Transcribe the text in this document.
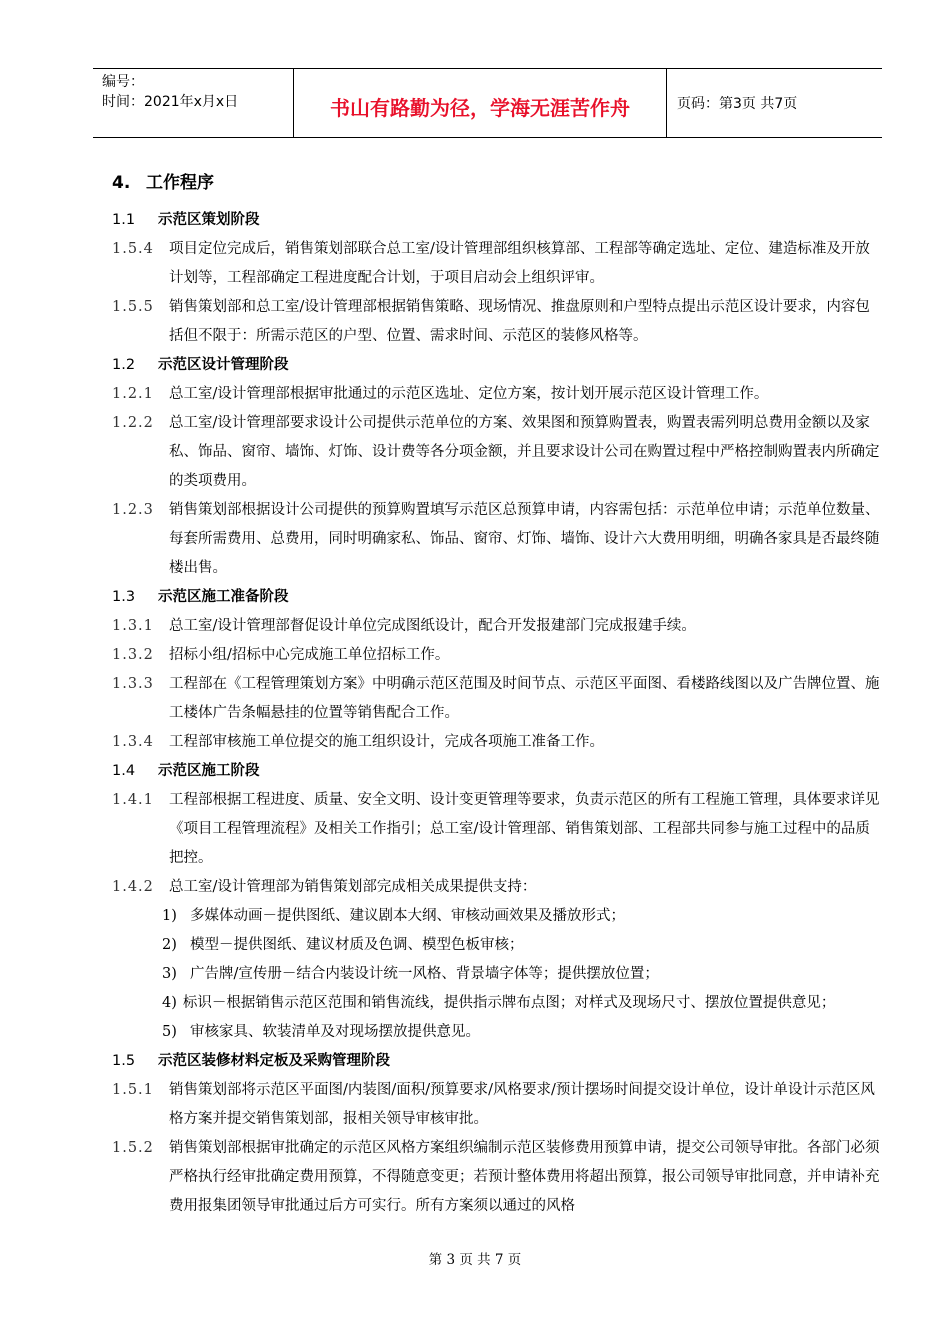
编号：
时间：2021年x月x日	书山有路勤为径，学海无涯苦作舟	页码：第3页 共7页
4. 工作程序
1.1 示范区策划阶段
1.5.4 项目定位完成后，销售策划部联合总工室/设计管理部组织核算部、工程部等确定选址、定位、建造标准及开放计划等，工程部确定工程进度配合计划，于项目启动会上组织评审。
1.5.5 销售策划部和总工室/设计管理部根据销售策略、现场情况、推盘原则和户型特点提出示范区设计要求，内容包括但不限于：所需示范区的户型、位置、需求时间、示范区的装修风格等。
1.2 示范区设计管理阶段
1.2.1 总工室/设计管理部根据审批通过的示范区选址、定位方案，按计划开展示范区设计管理工作。
1.2.2 总工室/设计管理部要求设计公司提供示范单位的方案、效果图和预算购置表，购置表需列明总费用金额以及家私、饰品、窗帘、墙饰、灯饰、设计费等各分项金额，并且要求设计公司在购置过程中严格控制购置表内所确定的类项费用。
1.2.3 销售策划部根据设计公司提供的预算购置填写示范区总预算申请，内容需包括：示范单位申请；示范单位数量、每套所需费用、总费用，同时明确家私、饰品、窗帘、灯饰、墙饰、设计六大费用明细，明确各家具是否最终随楼出售。
1.3 示范区施工准备阶段
1.3.1 总工室/设计管理部督促设计单位完成图纸设计，配合开发报建部门完成报建手续。
1.3.2 招标小组/招标中心完成施工单位招标工作。
1.3.3 工程部在《工程管理策划方案》中明确示范区范围及时间节点、示范区平面图、看楼路线图以及广告牌位置、施工楼体广告条幅悬挂的位置等销售配合工作。
1.3.4 工程部审核施工单位提交的施工组织设计，完成各项施工准备工作。
1.4 示范区施工阶段
1.4.1 工程部根据工程进度、质量、安全文明、设计变更管理等要求，负责示范区的所有工程施工管理，具体要求详见《项目工程管理流程》及相关工作指引；总工室/设计管理部、销售策划部、工程部共同参与施工过程中的品质把控。
1.4.2 总工室/设计管理部为销售策划部完成相关成果提供支持：
1) 多媒体动画－提供图纸、建议剧本大纲、审核动画效果及播放形式；
2) 模型－提供图纸、建议材质及色调、模型色板审核；
3) 广告牌/宣传册－结合内装设计统一风格、背景墙字体等；提供摆放位置；
4) 标识－根据销售示范区范围和销售流线，提供指示牌布点图；对样式及现场尺寸、摆放位置提供意见；
5) 审核家具、软装清单及对现场摆放提供意见。
1.5 示范区装修材料定板及采购管理阶段
1.5.1 销售策划部将示范区平面图/内装图/面积/预算要求/风格要求/预计摆场时间提交设计单位，设计单设计示范区风格方案并提交销售策划部，报相关领导审核审批。
1.5.2 销售策划部根据审批确定的示范区风格方案组织编制示范区装修费用预算申请，提交公司领导审批。各部门必须严格执行经审批确定费用预算，不得随意变更；若预计整体费用将超出预算，报公司领导审批同意，并申请补充费用报集团领导审批通过后方可实行。所有方案须以通过的风格
第 3 页 共 7 页
